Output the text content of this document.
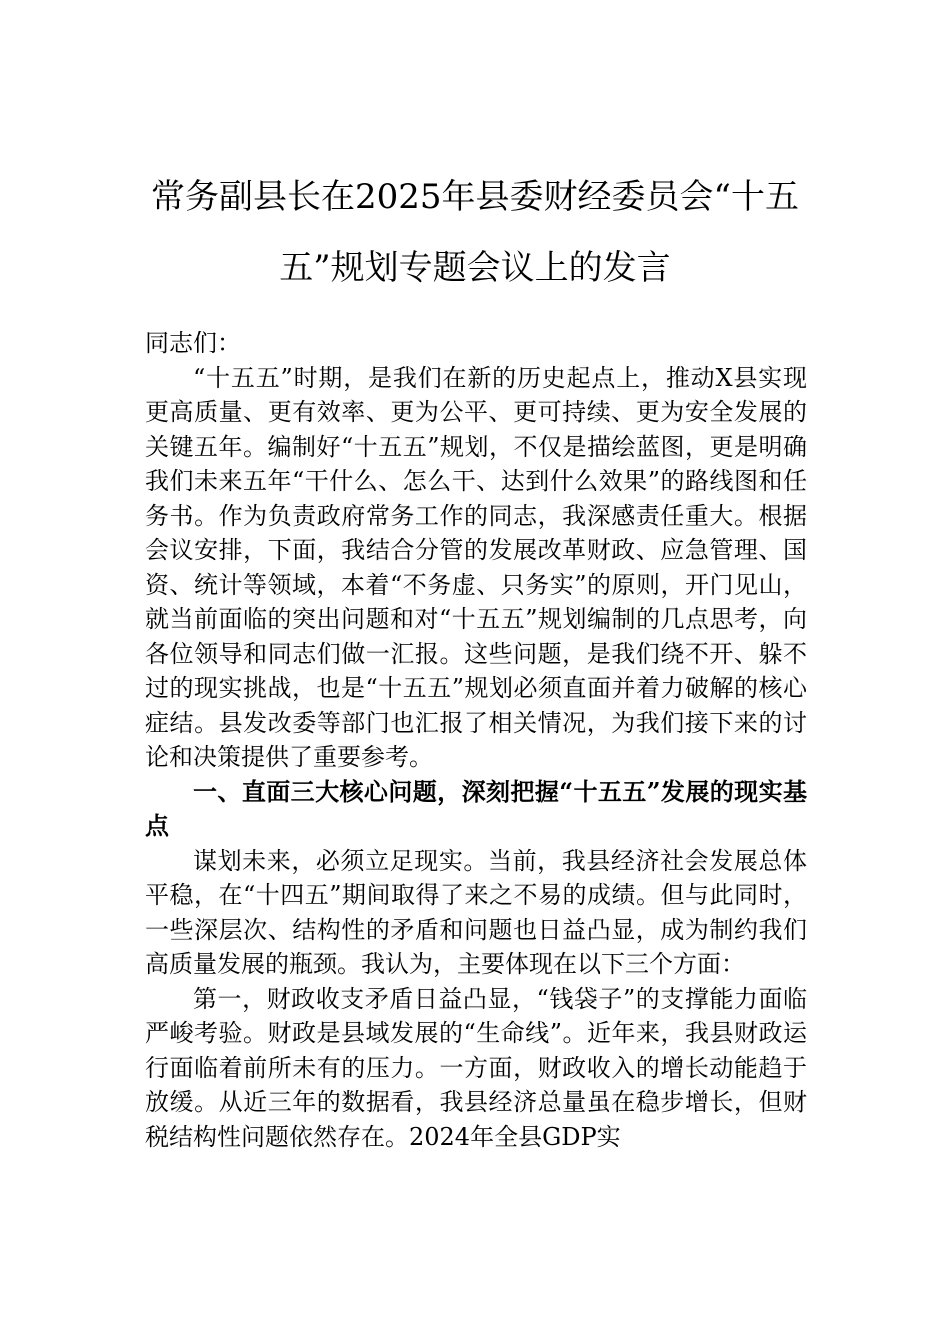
常务副县长在2025年县委财经委员会“十五
五”规划专题会议上的发言

同志们：

“十五五”时期，是我们在新的历史起点上，推动X县实现更高质量、更有效率、更为公平、更可持续、更为安全发展的关键五年。编制好“十五五”规划，不仅是描绘蓝图，更是明确我们未来五年“干什么、怎么干、达到什么效果”的路线图和任务书。作为负责政府常务工作的同志，我深感责任重大。根据会议安排，下面，我结合分管的发展改革财政、应急管理、国资、统计等领域，本着“不务虚、只务实”的原则，开门见山，就当前面临的突出问题和对“十五五”规划编制的几点思考，向各位领导和同志们做一汇报。这些问题，是我们绕不开、躲不过的现实挑战，也是“十五五”规划必须直面并着力破解的核心症结。县发改委等部门也汇报了相关情况，为我们接下来的讨论和决策提供了重要参考。

一、直面三大核心问题，深刻把握“十五五”发展的现实基点

谋划未来，必须立足现实。当前，我县经济社会发展总体平稳，在“十四五”期间取得了来之不易的成绩。但与此同时，一些深层次、结构性的矛盾和问题也日益凸显，成为制约我们高质量发展的瓶颈。我认为，主要体现在以下三个方面：

第一，财政收支矛盾日益凸显，“钱袋子”的支撑能力面临严峻考验。财政是县域发展的“生命线”。近年来，我县财政运行面临着前所未有的压力。一方面，财政收入的增长动能趋于放缓。从近三年的数据看，我县经济总量虽在稳步增长，但财税结构性问题依然存在。2024年全县GDP实
